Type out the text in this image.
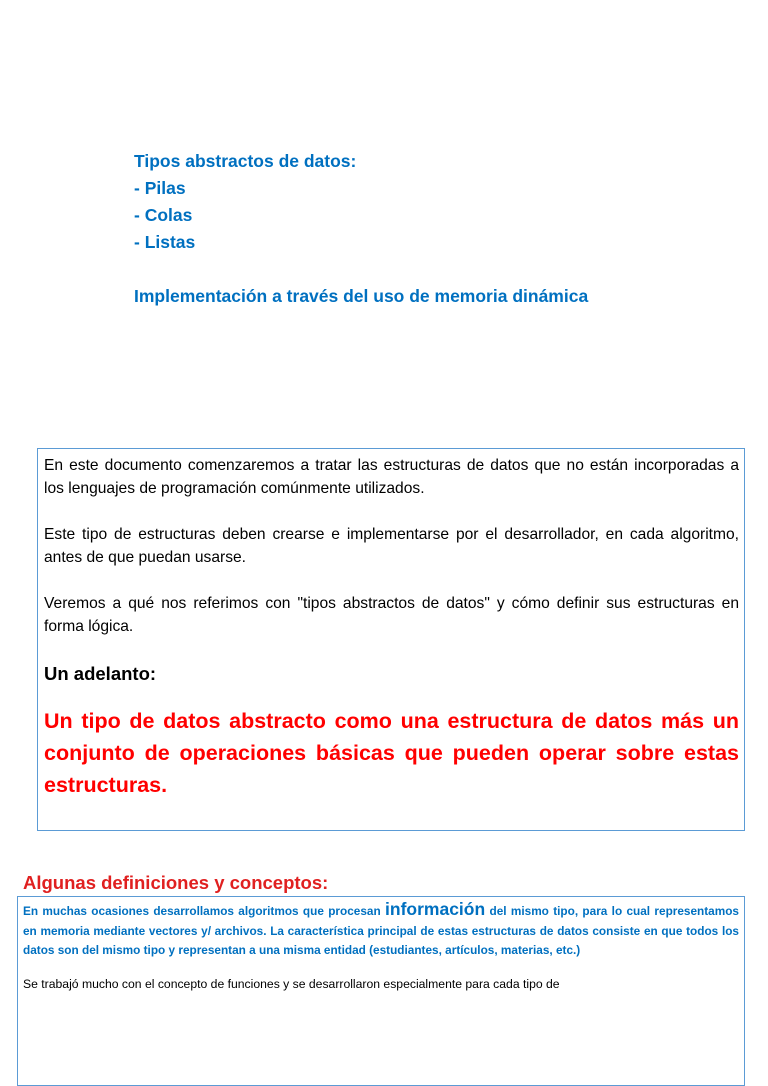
Tipos abstractos de datos:
- Pilas
- Colas
- Listas
Implementación a través del uso de memoria dinámica

En este documento comenzaremos a tratar las estructuras de datos que no están incorporadas a los lenguajes de programación comúnmente utilizados.

Este tipo de estructuras deben crearse e implementarse por el desarrollador, en cada algoritmo, antes de que puedan usarse.

Veremos a qué nos referimos con "tipos abstractos de datos" y cómo definir sus estructuras en forma lógica.

Un adelanto:
Un tipo de datos abstracto como una estructura de datos más un conjunto de operaciones básicas que pueden operar sobre estas estructuras.
Algunas definiciones y conceptos:

En muchas ocasiones desarrollamos algoritmos que procesan información del mismo tipo, para lo cual representamos en memoria mediante vectores y/ archivos. La característica principal de estas estructuras de datos consiste en que todos los datos son del mismo tipo y representan a una misma entidad (estudiantes, artículos, materias, etc.)

Se trabajó mucho con el concepto de funciones y se desarrollaron especialmente para cada tipo de
